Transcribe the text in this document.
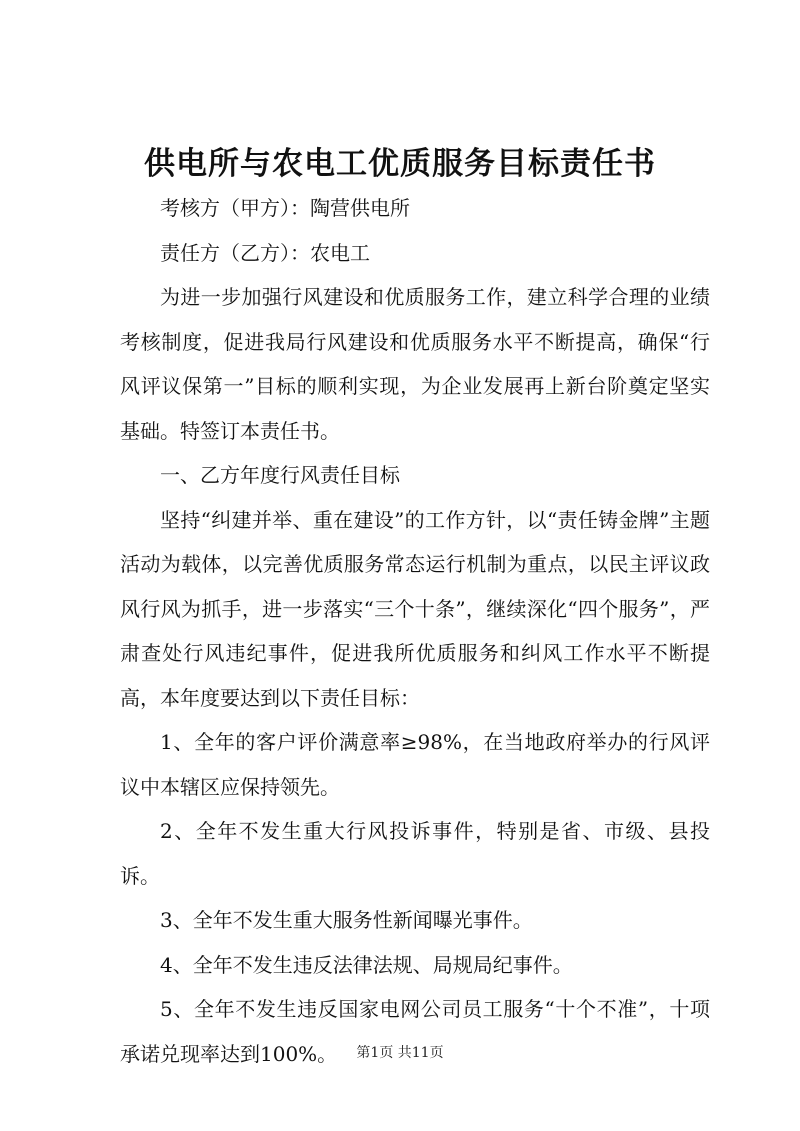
供电所与农电工优质服务目标责任书

考核方（甲方）：陶营供电所

责任方（乙方）：农电工

为进一步加强行风建设和优质服务工作，建立科学合理的业绩考核制度，促进我局行风建设和优质服务水平不断提高，确保“行风评议保第一”目标的顺利实现，为企业发展再上新台阶奠定坚实基础。特签订本责任书。

一、乙方年度行风责任目标

坚持“纠建并举、重在建设”的工作方针，以“责任铸金牌”主题活动为载体，以完善优质服务常态运行机制为重点，以民主评议政风行风为抓手，进一步落实“三个十条”，继续深化“四个服务”，严肃查处行风违纪事件，促进我所优质服务和纠风工作水平不断提高，本年度要达到以下责任目标：

1、全年的客户评价满意率≥98%，在当地政府举办的行风评议中本辖区应保持领先。

2、全年不发生重大行风投诉事件，特别是省、市级、县投诉。

3、全年不发生重大服务性新闻曝光事件。

4、全年不发生违反法律法规、局规局纪事件。

5、全年不发生违反国家电网公司员工服务“十个不准”，十项承诺兑现率达到100%。	第1页 共11页
